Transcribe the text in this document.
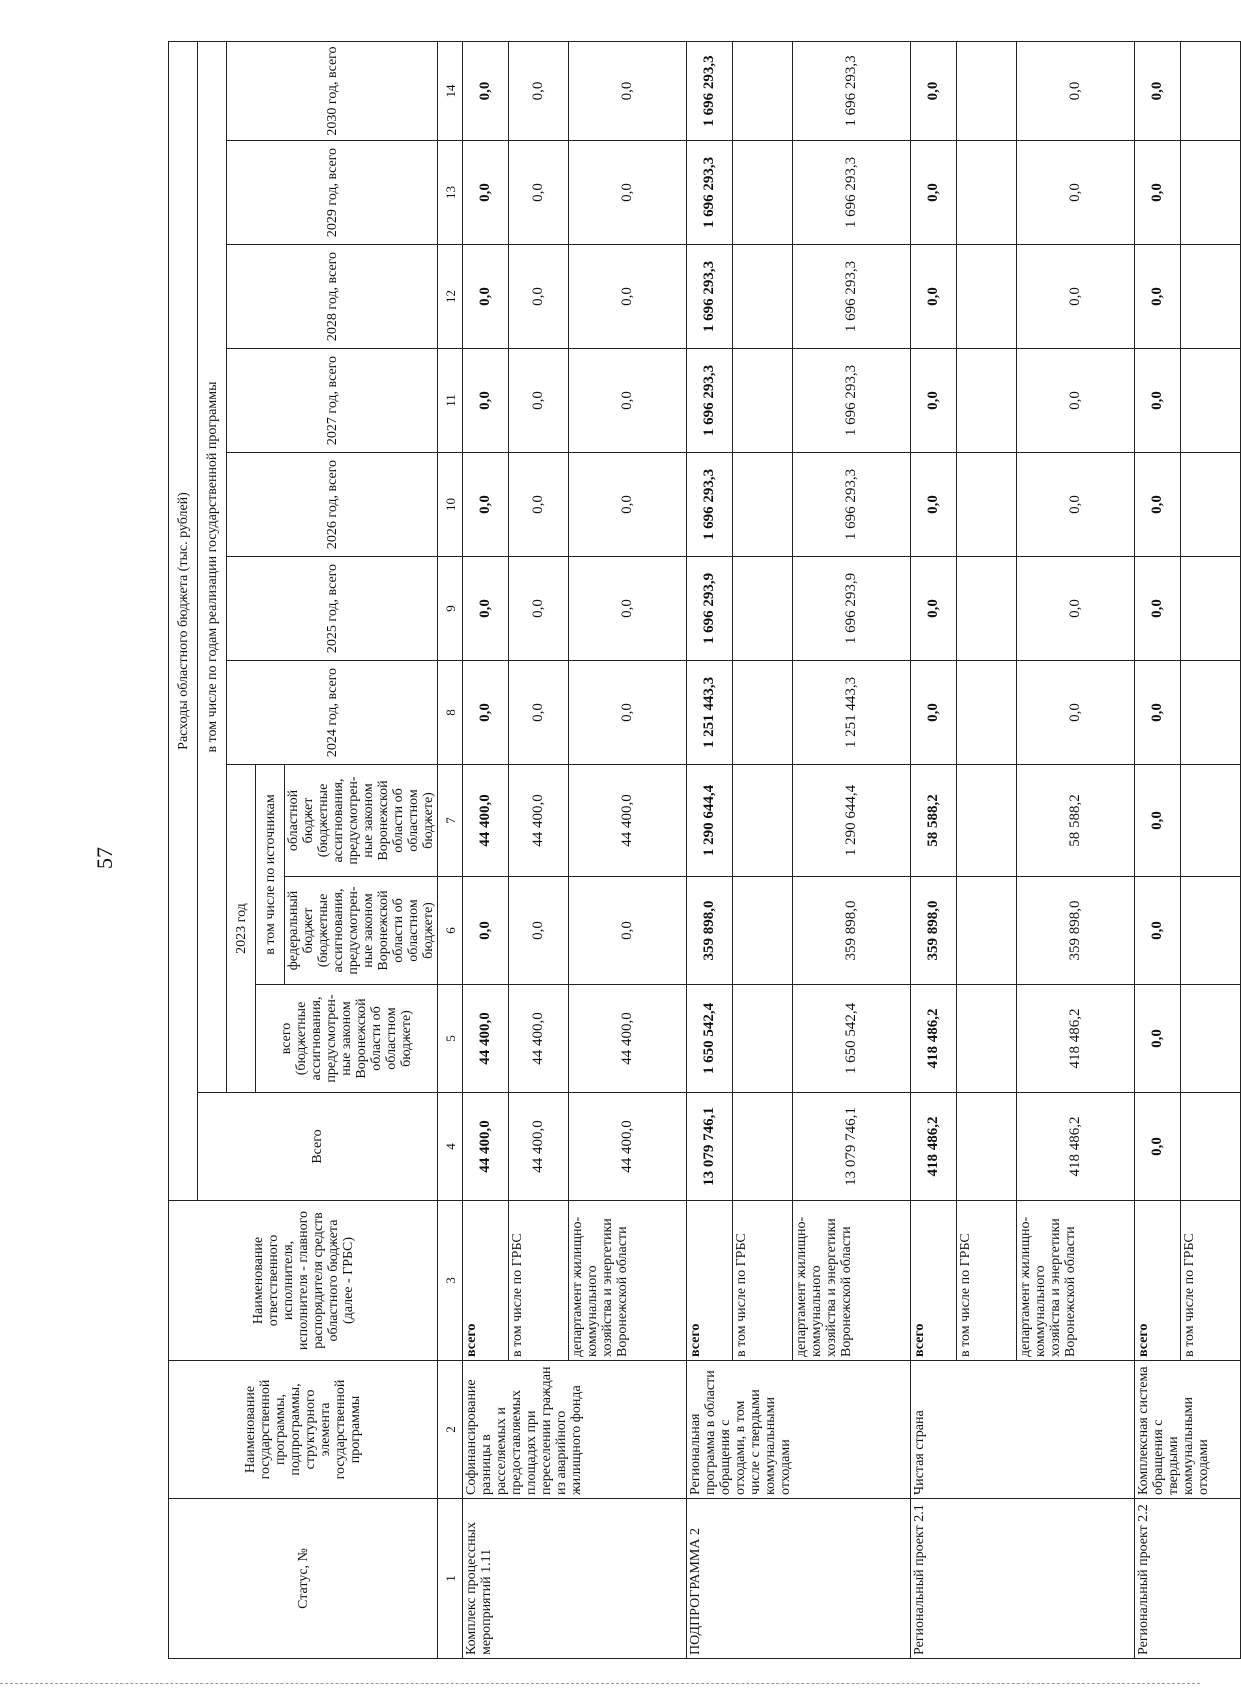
57
Статус, №	Наименование государственной программы, подпрограммы, структурного элемента государственной программы	Наименование ответственного исполнителя, исполнителя - главного распорядителя средств областного бюджета (далее - ГРБС)	Расходы областного бюджета (тыс. рублей)										
			Всего	в том числе по годам реализации государственной программы									
				2023 год			2024 год, всего	2025 год, всего	2026 год, всего	2027 год, всего	2028 год, всего	2029 год, всего	2030 год, всего
				всего (бюджетные ассигнования, предусмотрен-ные законом Воронежской области об областном бюджете)	в том числе по источникам								
					федеральный бюджет (бюджетные ассигнования, предусмотрен-ные законом Воронежской области об областном бюджете)	областной бюджет (бюджетные ассигнования, предусмотрен-ные законом Воронежской области об областном бюджете)							
1	2	3	4	5	6	7	8	9	10	11	12	13	14
Комплекс процессных мероприятий 1.11	Софинансирование разницы в расселяемых и предоставляемых площадях при переселении граждан из аварийного жилищного фонда	всего	44 400,0	44 400,0	0,0	44 400,0	0,0	0,0	0,0	0,0	0,0	0,0	0,0
		в том числе по ГРБС	44 400,0	44 400,0	0,0	44 400,0	0,0	0,0	0,0	0,0	0,0	0,0	0,0
		департамент жилищно-коммунального хозяйства и энергетики Воронежской области	44 400,0	44 400,0	0,0	44 400,0	0,0	0,0	0,0	0,0	0,0	0,0	0,0
ПОДПРОГРАММА 2	Региональная программа в области обращения с отходами, в том числе с твердыми коммунальными отходами	всего	13 079 746,1	1 650 542,4	359 898,0	1 290 644,4	1 251 443,3	1 696 293,9	1 696 293,3	1 696 293,3	1 696 293,3	1 696 293,3	1 696 293,3
		в том числе по ГРБС											
		департамент жилищно-коммунального хозяйства и энергетики Воронежской области	13 079 746,1	1 650 542,4	359 898,0	1 290 644,4	1 251 443,3	1 696 293,9	1 696 293,3	1 696 293,3	1 696 293,3	1 696 293,3	1 696 293,3
Региональный проект 2.1	Чистая страна	всего	418 486,2	418 486,2	359 898,0	58 588,2	0,0	0,0	0,0	0,0	0,0	0,0	0,0
		в том числе по ГРБС											
		департамент жилищно-коммунального хозяйства и энергетики Воронежской области	418 486,2	418 486,2	359 898,0	58 588,2	0,0	0,0	0,0	0,0	0,0	0,0	0,0
Региональный проект 2.2	Комплексная система обращения с твердыми коммунальными отходами	всего	0,0	0,0	0,0	0,0	0,0	0,0	0,0	0,0	0,0	0,0	0,0
		в том числе по ГРБС											
